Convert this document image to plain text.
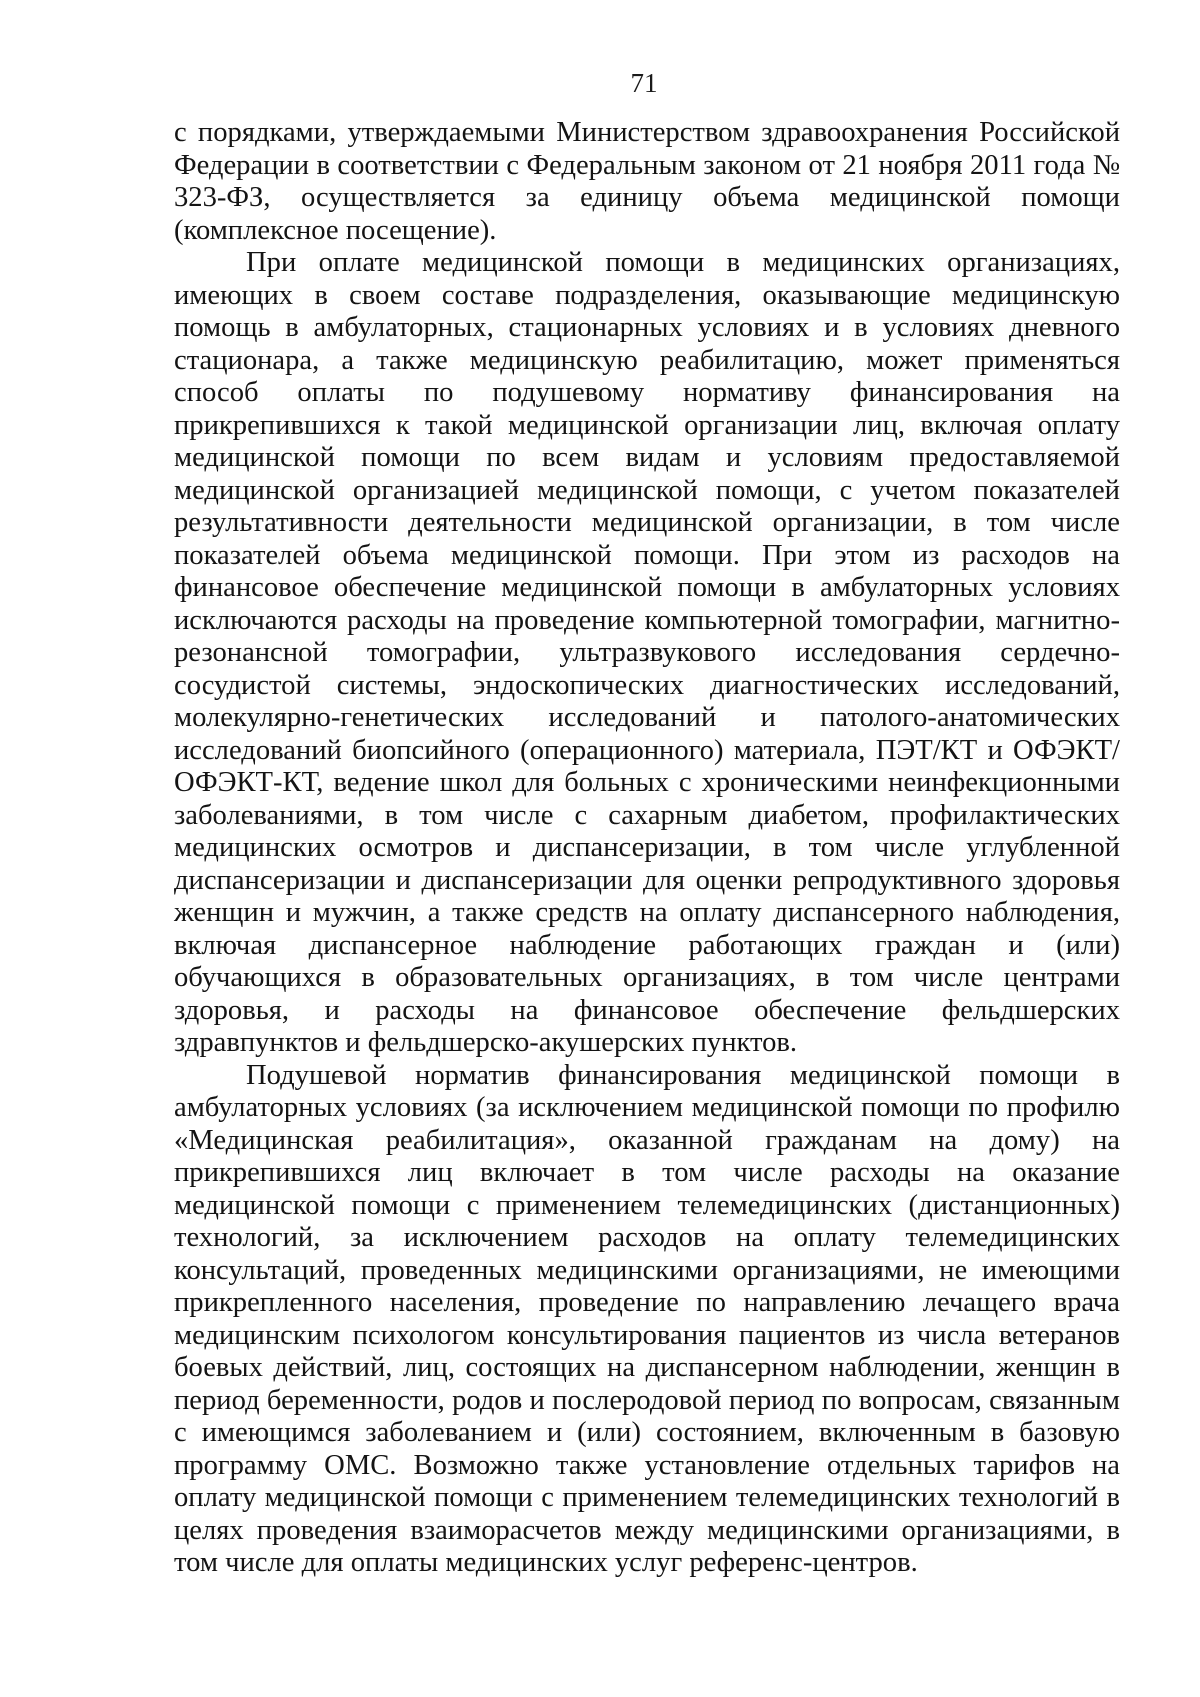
71

с порядками, утверждаемыми Министерством здравоохранения Российской Федерации в соответствии с Федеральным законом от 21 ноября 2011 года № 323-ФЗ, осуществляется за единицу объема медицинской помощи (комплексное посещение).

При оплате медицинской помощи в медицинских организациях, имеющих в своем составе подразделения, оказывающие медицинскую помощь в амбулаторных, стационарных условиях и в условиях дневного стационара, а также медицинскую реабилитацию, может применяться способ оплаты по подушевому нормативу финансирования на прикрепившихся к такой медицинской организации лиц, включая оплату медицинской помощи по всем видам и условиям предоставляемой медицинской организацией медицинской помощи, с учетом показателей результативности деятельности медицинской организации, в том числе показателей объема медицинской помощи. При этом из расходов на финансовое обеспечение медицинской помощи в амбулаторных условиях исключаются расходы на проведение компьютерной томографии, магнитно-резонансной томографии, ультразвукового исследования сердечно-сосудистой системы, эндоскопических диагностических исследований, молекулярно-генетических исследований и патолого-анатомических исследований биопсийного (операционного) материала, ПЭТ/КТ и ОФЭКТ/ОФЭКТ-КТ, ведение школ для больных с хроническими неинфекционными заболеваниями, в том числе с сахарным диабетом, профилактических медицинских осмотров и диспансеризации, в том числе углубленной диспансеризации и диспансеризации для оценки репродуктивного здоровья женщин и мужчин, а также средств на оплату диспансерного наблюдения, включая диспансерное наблюдение работающих граждан и (или) обучающихся в образовательных организациях, в том числе центрами здоровья, и расходы на финансовое обеспечение фельдшерских здравпунктов и фельдшерско-акушерских пунктов.

Подушевой норматив финансирования медицинской помощи в амбулаторных условиях (за исключением медицинской помощи по профилю «Медицинская реабилитация», оказанной гражданам на дому) на прикрепившихся лиц включает в том числе расходы на оказание медицинской помощи с применением телемедицинских (дистанционных) технологий, за исключением расходов на оплату телемедицинских консультаций, проведенных медицинскими организациями, не имеющими прикрепленного населения, проведение по направлению лечащего врача медицинским психологом консультирования пациентов из числа ветеранов боевых действий, лиц, состоящих на диспансерном наблюдении, женщин в период беременности, родов и послеродовой период по вопросам, связанным с имеющимся заболеванием и (или) состоянием, включенным в базовую программу ОМС. Возможно также установление отдельных тарифов на оплату медицинской помощи с применением телемедицинских технологий в целях проведения взаиморасчетов между медицинскими организациями, в том числе для оплаты медицинских услуг референс-центров.
